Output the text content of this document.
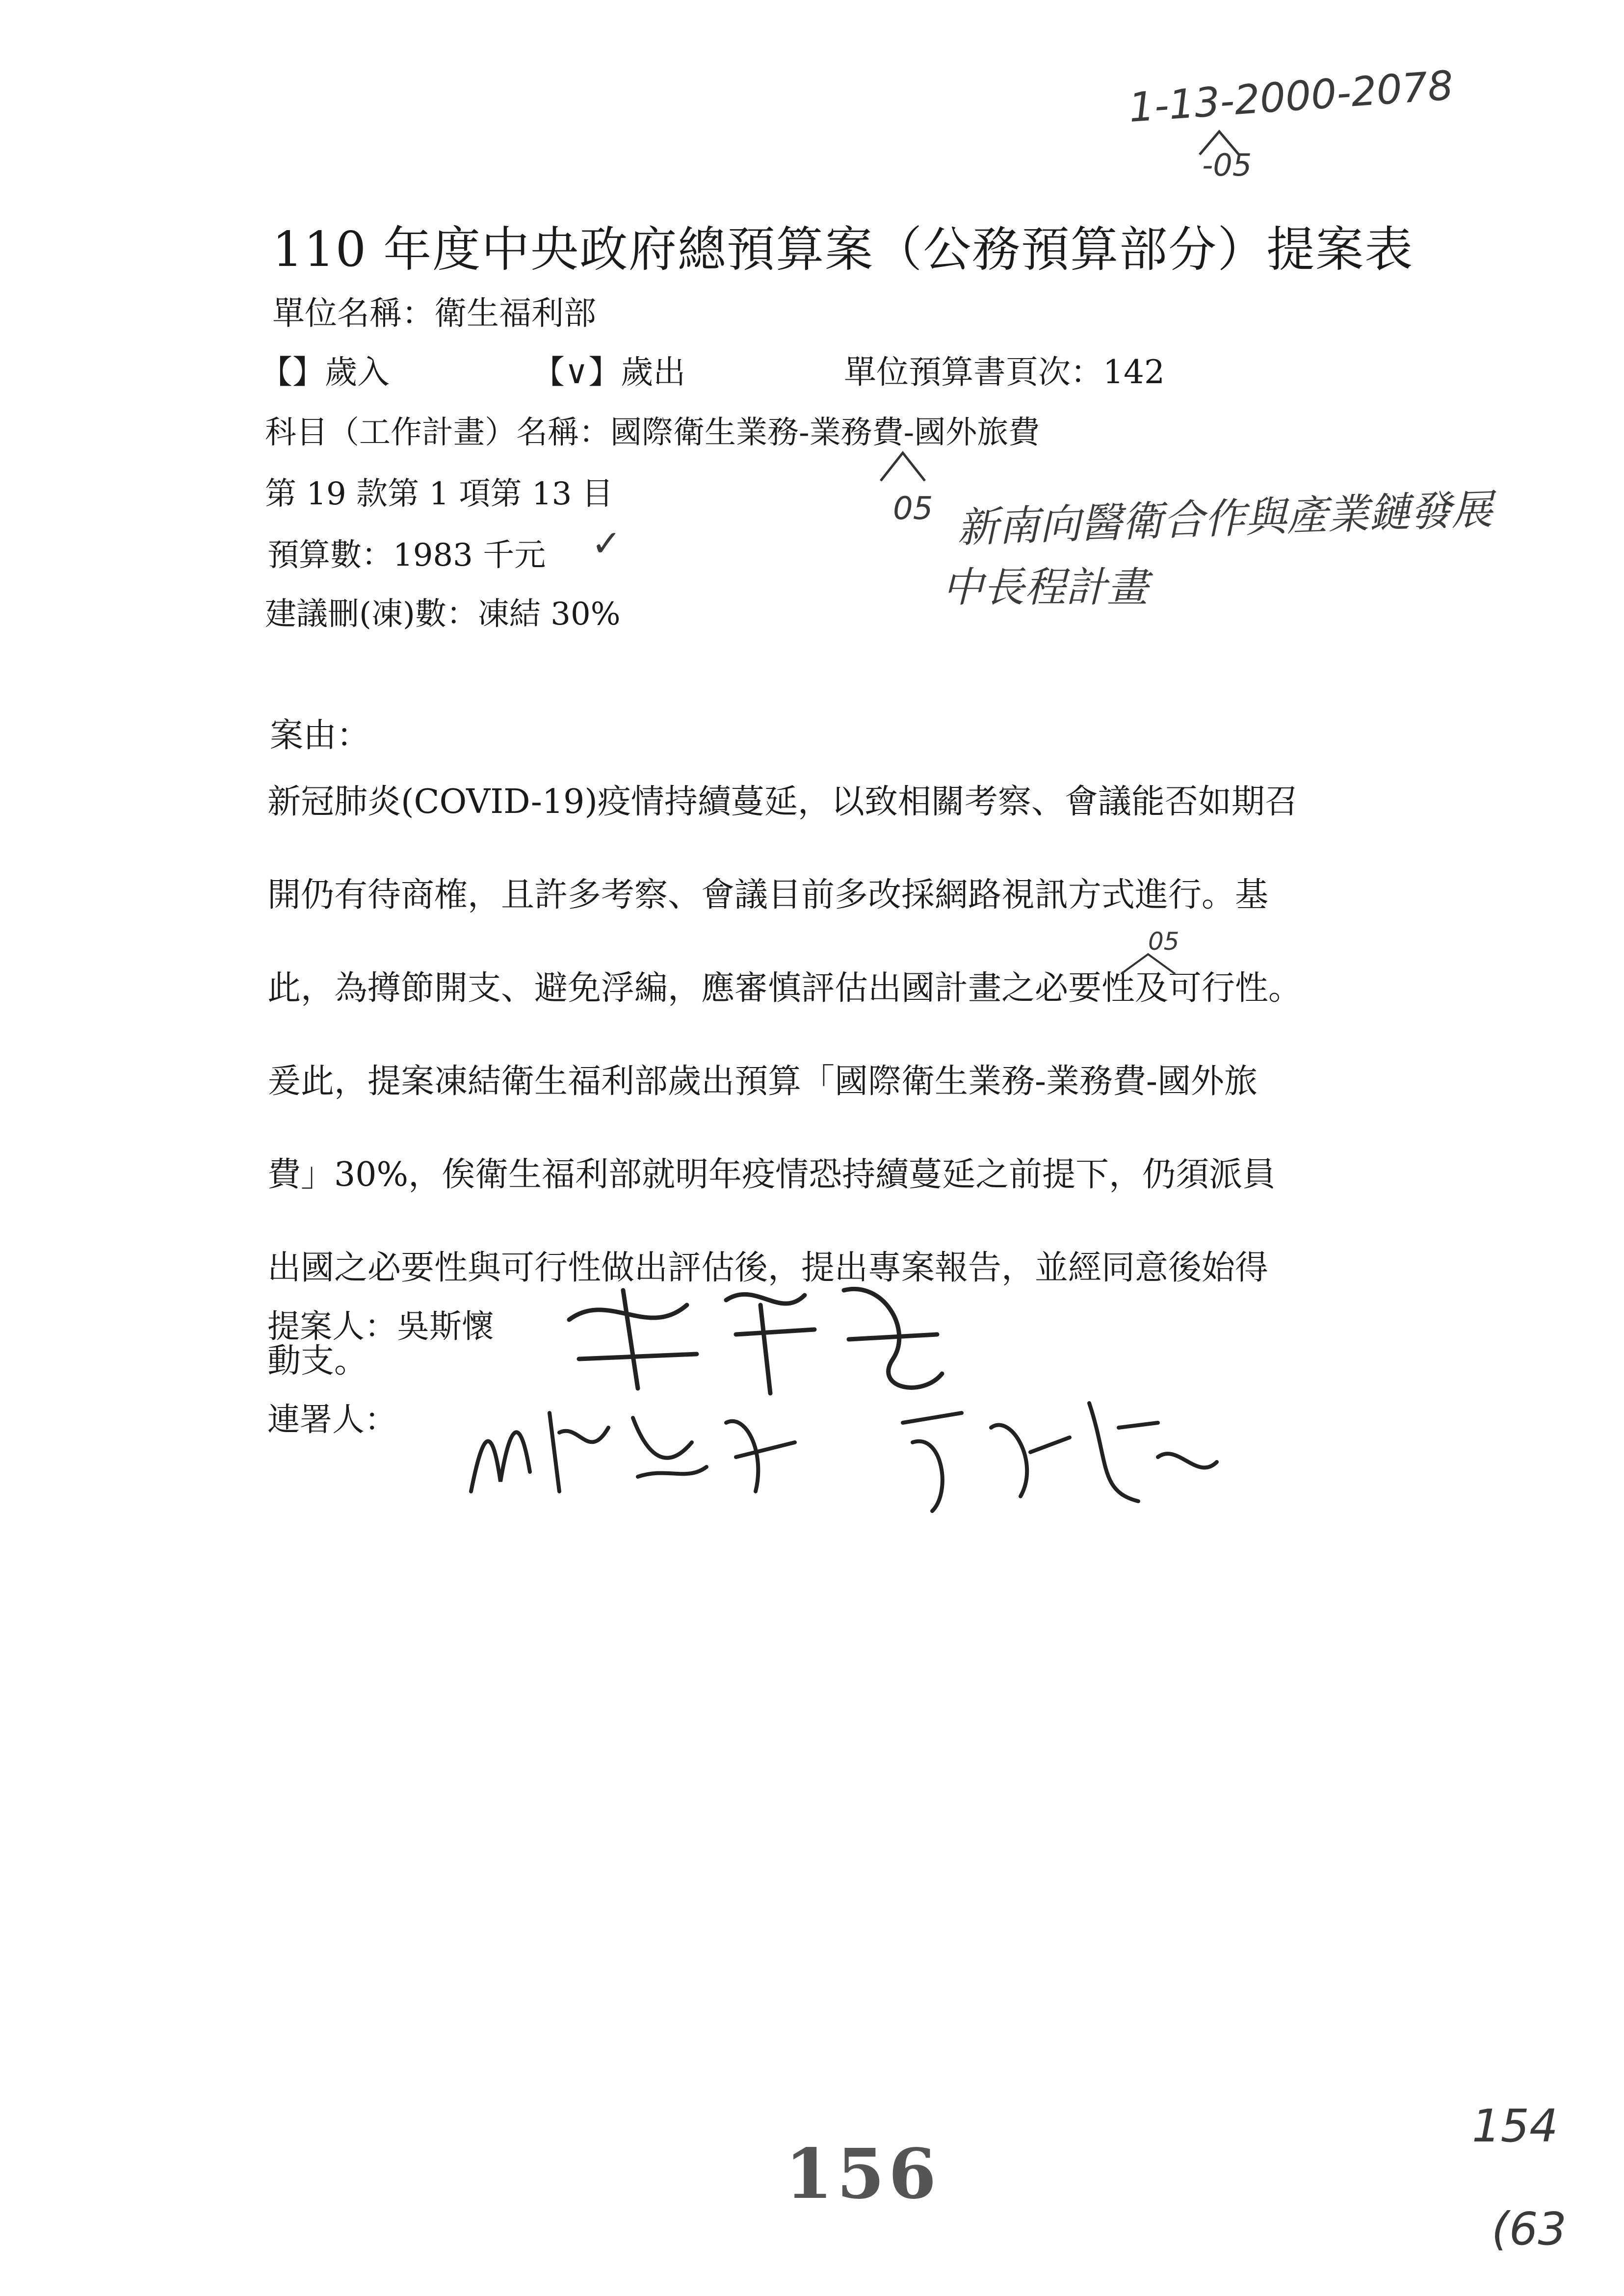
1-13-2000-2078
-05
110 年度中央政府總預算案（公務預算部分）提案表
單位名稱：衛生福利部
【】歲入	【∨】歲出	單位預算書頁次：142
科目（工作計畫）名稱：國際衛生業務-業務費-國外旅費
第 19 款第 1 項第 13 目
預算數：1983 千元 ✓
建議刪(凍)數：凍結 30%
05 新南向醫衛合作與產業鏈發展
中長程計畫
案由：

新冠肺炎(COVID-19)疫情持續蔓延，以致相關考察、會議能否如期召

開仍有待商榷，且許多考察、會議目前多改採網路視訊方式進行。基

此，為撙節開支、避免浮編，應審慎評估出國計畫之必要性及可行性。

爰此，提案凍結衛生福利部歲出預算「國際衛生業務-業務費-國外旅

費」30%，俟衛生福利部就明年疫情恐持續蔓延之前提下，仍須派員

出國之必要性與可行性做出評估後，提出專案報告，並經同意後始得

動支。

05
提案人：吳斯懷
連署人：
156
154
(63
